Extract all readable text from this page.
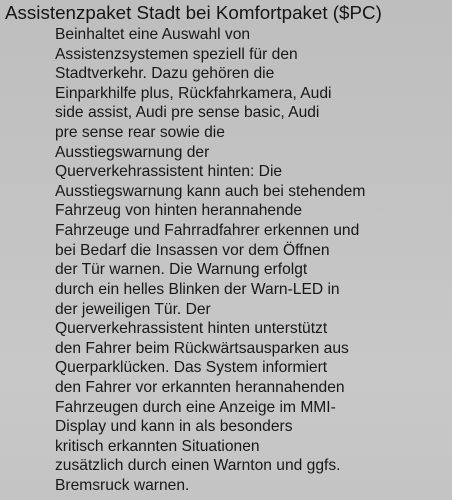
Assistenzpaket Stadt bei Komfortpaket ($PC)
Beinhaltet eine Auswahl von
Assistenzsystemen speziell für den
Stadtverkehr. Dazu gehören die
Einparkhilfe plus, Rückfahrkamera, Audi
side assist, Audi pre sense basic, Audi
pre sense rear sowie die
Ausstiegswarnung der
Querverkehrassistent hinten: Die
Ausstiegswarnung kann auch bei stehendem
Fahrzeug von hinten herannahende
Fahrzeuge und Fahrradfahrer erkennen und
bei Bedarf die Insassen vor dem Öffnen
der Tür warnen. Die Warnung erfolgt
durch ein helles Blinken der Warn-LED in
der jeweiligen Tür. Der
Querverkehrassistent hinten unterstützt
den Fahrer beim Rückwärtsausparken aus
Querparklücken. Das System informiert
den Fahrer vor erkannten herannahenden
Fahrzeugen durch eine Anzeige im MMI-
Display und kann in als besonders
kritisch erkannten Situationen
zusätzlich durch einen Warnton und ggfs.
Bremsruck warnen.
